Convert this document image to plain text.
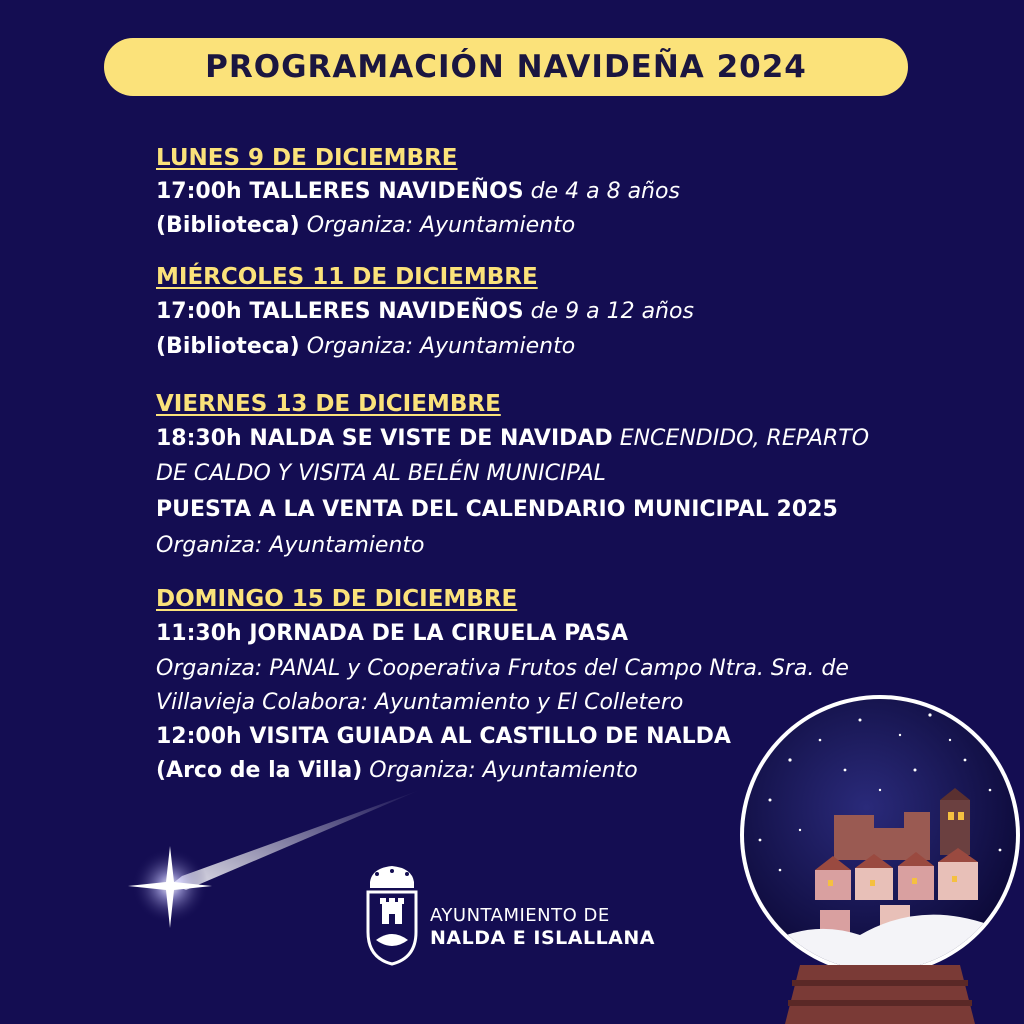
PROGRAMACIÓN NAVIDEÑA 2024
LUNES 9 DE DICIEMBRE
17:00h TALLERES NAVIDEÑOS de 4 a 8 años
(Biblioteca) Organiza: Ayuntamiento
MIÉRCOLES 11 DE DICIEMBRE
17:00h TALLERES NAVIDEÑOS de 9 a 12 años
(Biblioteca) Organiza: Ayuntamiento
VIERNES 13 DE DICIEMBRE
18:30h NALDA SE VISTE DE NAVIDAD ENCENDIDO, REPARTO
DE CALDO Y VISITA AL BELÉN MUNICIPAL
PUESTA A LA VENTA DEL CALENDARIO MUNICIPAL 2025
Organiza: Ayuntamiento
DOMINGO 15 DE DICIEMBRE
11:30h JORNADA DE LA CIRUELA PASA
Organiza: PANAL y Cooperativa Frutos del Campo Ntra. Sra. de
Villavieja Colabora: Ayuntamiento y El Colletero
12:00h VISITA GUIADA AL CASTILLO DE NALDA
(Arco de la Villa) Organiza: Ayuntamiento
AYUNTAMIENTO DE
NALDA E ISLALLANA
